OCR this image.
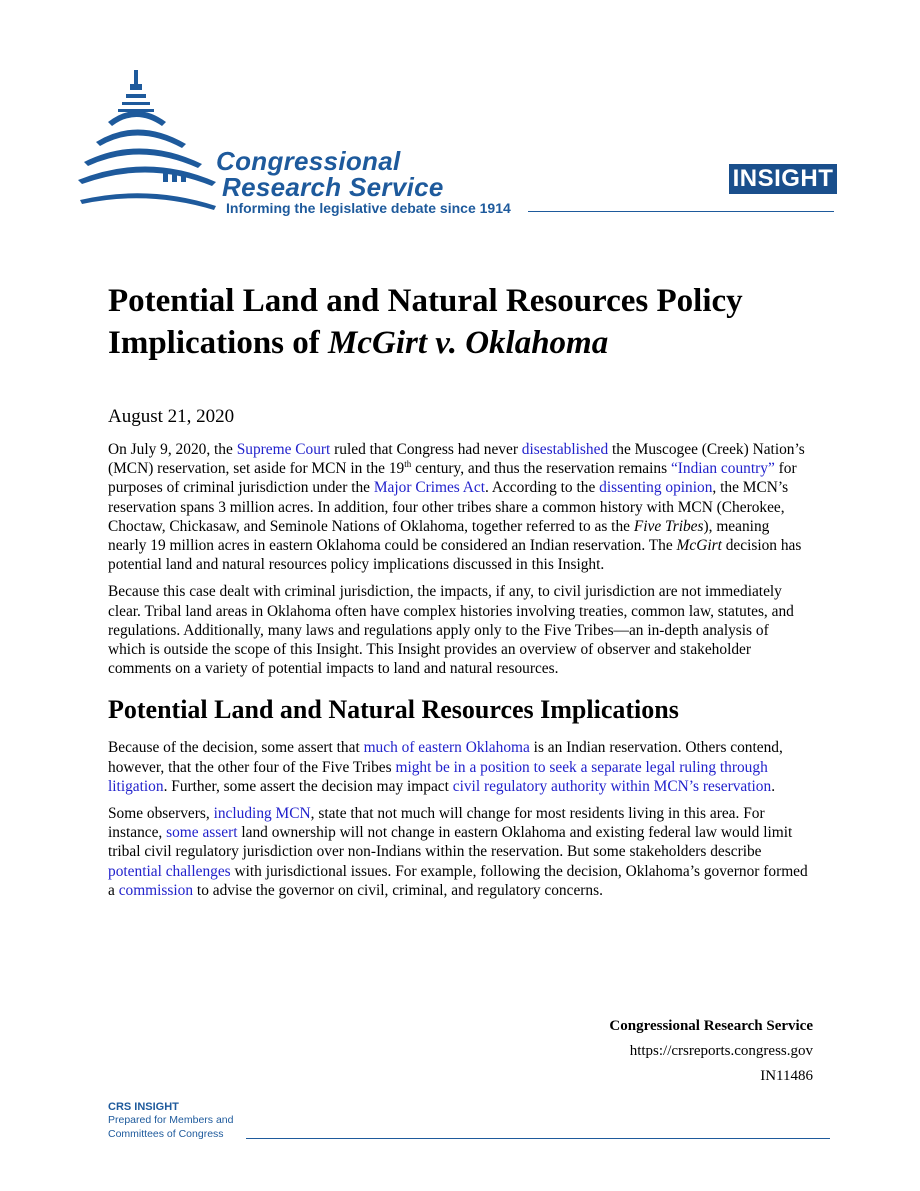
Congressional
Research Service
Informing the legislative debate since 1914
INSIGHT
Potential Land and Natural Resources Policy
Implications of McGirt v. Oklahoma
August 21, 2020

On July 9, 2020, the Supreme Court ruled that Congress had never disestablished the Muscogee (Creek) Nation’s (MCN) reservation, set aside for MCN in the 19th century, and thus the reservation remains “Indian country” for purposes of criminal jurisdiction under the Major Crimes Act. According to the dissenting opinion, the MCN’s reservation spans 3 million acres. In addition, four other tribes share a common history with MCN (Cherokee, Choctaw, Chickasaw, and Seminole Nations of Oklahoma, together referred to as the Five Tribes), meaning nearly 19 million acres in eastern Oklahoma could be considered an Indian reservation. The McGirt decision has potential land and natural resources policy implications discussed in this Insight.

Because this case dealt with criminal jurisdiction, the impacts, if any, to civil jurisdiction are not immediately clear. Tribal land areas in Oklahoma often have complex histories involving treaties, common law, statutes, and regulations. Additionally, many laws and regulations apply only to the Five Tribes—an in-depth analysis of which is outside the scope of this Insight. This Insight provides an overview of observer and stakeholder comments on a variety of potential impacts to land and natural resources.

Potential Land and Natural Resources Implications

Because of the decision, some assert that much of eastern Oklahoma is an Indian reservation. Others contend, however, that the other four of the Five Tribes might be in a position to seek a separate legal ruling through litigation. Further, some assert the decision may impact civil regulatory authority within MCN’s reservation.

Some observers, including MCN, state that not much will change for most residents living in this area. For instance, some assert land ownership will not change in eastern Oklahoma and existing federal law would limit tribal civil regulatory jurisdiction over non-Indians within the reservation. But some stakeholders describe potential challenges with jurisdictional issues. For example, following the decision, Oklahoma’s governor formed a commission to advise the governor on civil, criminal, and regulatory concerns.

Congressional Research Service
https://crsreports.congress.gov
IN11486
CRS INSIGHT
Prepared for Members and
Committees of Congress
